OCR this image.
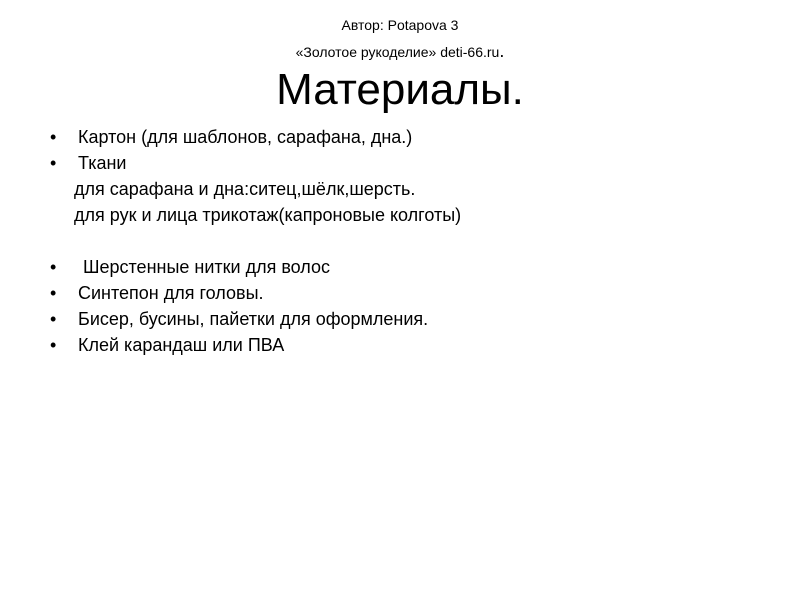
Автор: Potapova 3
«Золотое рукоделие» deti-66.ru.
Материалы.
• Картон (для шаблонов, сарафана, дна.)
• Ткани
для сарафана и дна:ситец,шёлк,шерсть.
для рук и лица трикотаж(капроновые колготы)
• Шерстенные нитки для волос
• Синтепон для головы.
• Бисер, бусины, пайетки для оформления.
• Клей карандаш или ПВА
